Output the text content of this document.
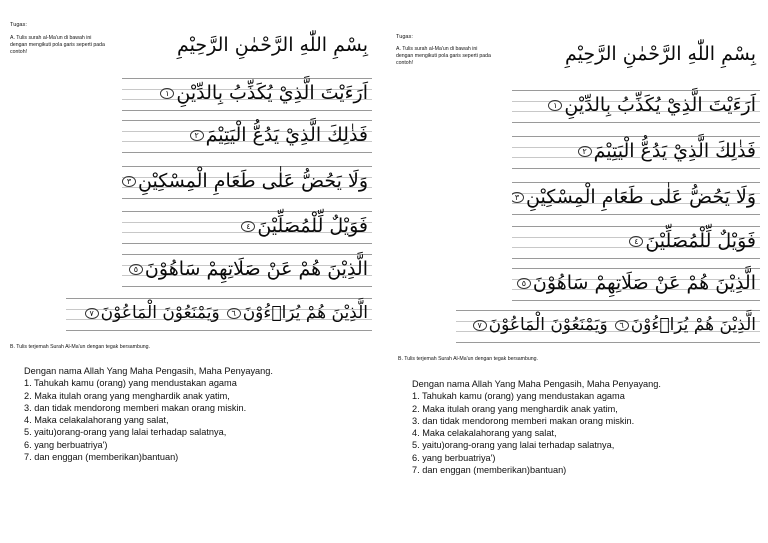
Tugas:
A. Tulis surah al-Ma'un di bawah ini dengan mengikuti pola garis seperti pada contoh!	بِسْمِ اللّٰهِ الرَّحْمٰنِ الرَّحِيْمِ
اَرَءَيْتَ الَّذِيْ يُكَذِّبُ بِالدِّيْنِ١
فَذٰلِكَ الَّذِيْ يَدُعُّ الْيَتِيْمَ٢
وَلَا يَحُضُّ عَلٰى طَعَامِ الْمِسْكِيْنِ٣
فَوَيْلٌ لِّلْمُصَلِّيْنَ٤
الَّذِيْنَ هُمْ عَنْ صَلَاتِهِمْ سَاهُوْنَ٥
الَّذِيْنَ هُمْ يُرَاۤءُوْنَ٦وَيَمْنَعُوْنَ الْمَاعُوْنَ٧
B. Tulis terjemah Surah Al-Ma'un dengan tegak bersambung.
Dengan nama Allah Yang Maha Pengasih, Maha Penyayang.
1. Tahukah kamu (orang) yang mendustakan agama
2. Maka itulah orang yang menghardik anak yatim,
3. dan tidak mendorong memberi makan orang miskin.
4. Maka celakalahorang yang salat,
5. yaitu)orang-orang yang lalai terhadap salatnya,
6. yang berbuatriya')
7. dan enggan (memberikan)bantuan)
Tugas:
A. Tulis surah al-Ma'un di bawah ini dengan mengikuti pola garis seperti pada contoh!	بِسْمِ اللّٰهِ الرَّحْمٰنِ الرَّحِيْمِ
اَرَءَيْتَ الَّذِيْ يُكَذِّبُ بِالدِّيْنِ١
فَذٰلِكَ الَّذِيْ يَدُعُّ الْيَتِيْمَ٢
وَلَا يَحُضُّ عَلٰى طَعَامِ الْمِسْكِيْنِ٣
فَوَيْلٌ لِّلْمُصَلِّيْنَ٤
الَّذِيْنَ هُمْ عَنْ صَلَاتِهِمْ سَاهُوْنَ٥
الَّذِيْنَ هُمْ يُرَاۤءُوْنَ٦وَيَمْنَعُوْنَ الْمَاعُوْنَ٧
B. Tulis terjemah Surah Al-Ma'un dengan tegak bersambung.
Dengan nama Allah Yang Maha Pengasih, Maha Penyayang.
1. Tahukah kamu (orang) yang mendustakan agama
2. Maka itulah orang yang menghardik anak yatim,
3. dan tidak mendorong memberi makan orang miskin.
4. Maka celakalahorang yang salat,
5. yaitu)orang-orang yang lalai terhadap salatnya,
6. yang berbuatriya')
7. dan enggan (memberikan)bantuan)
